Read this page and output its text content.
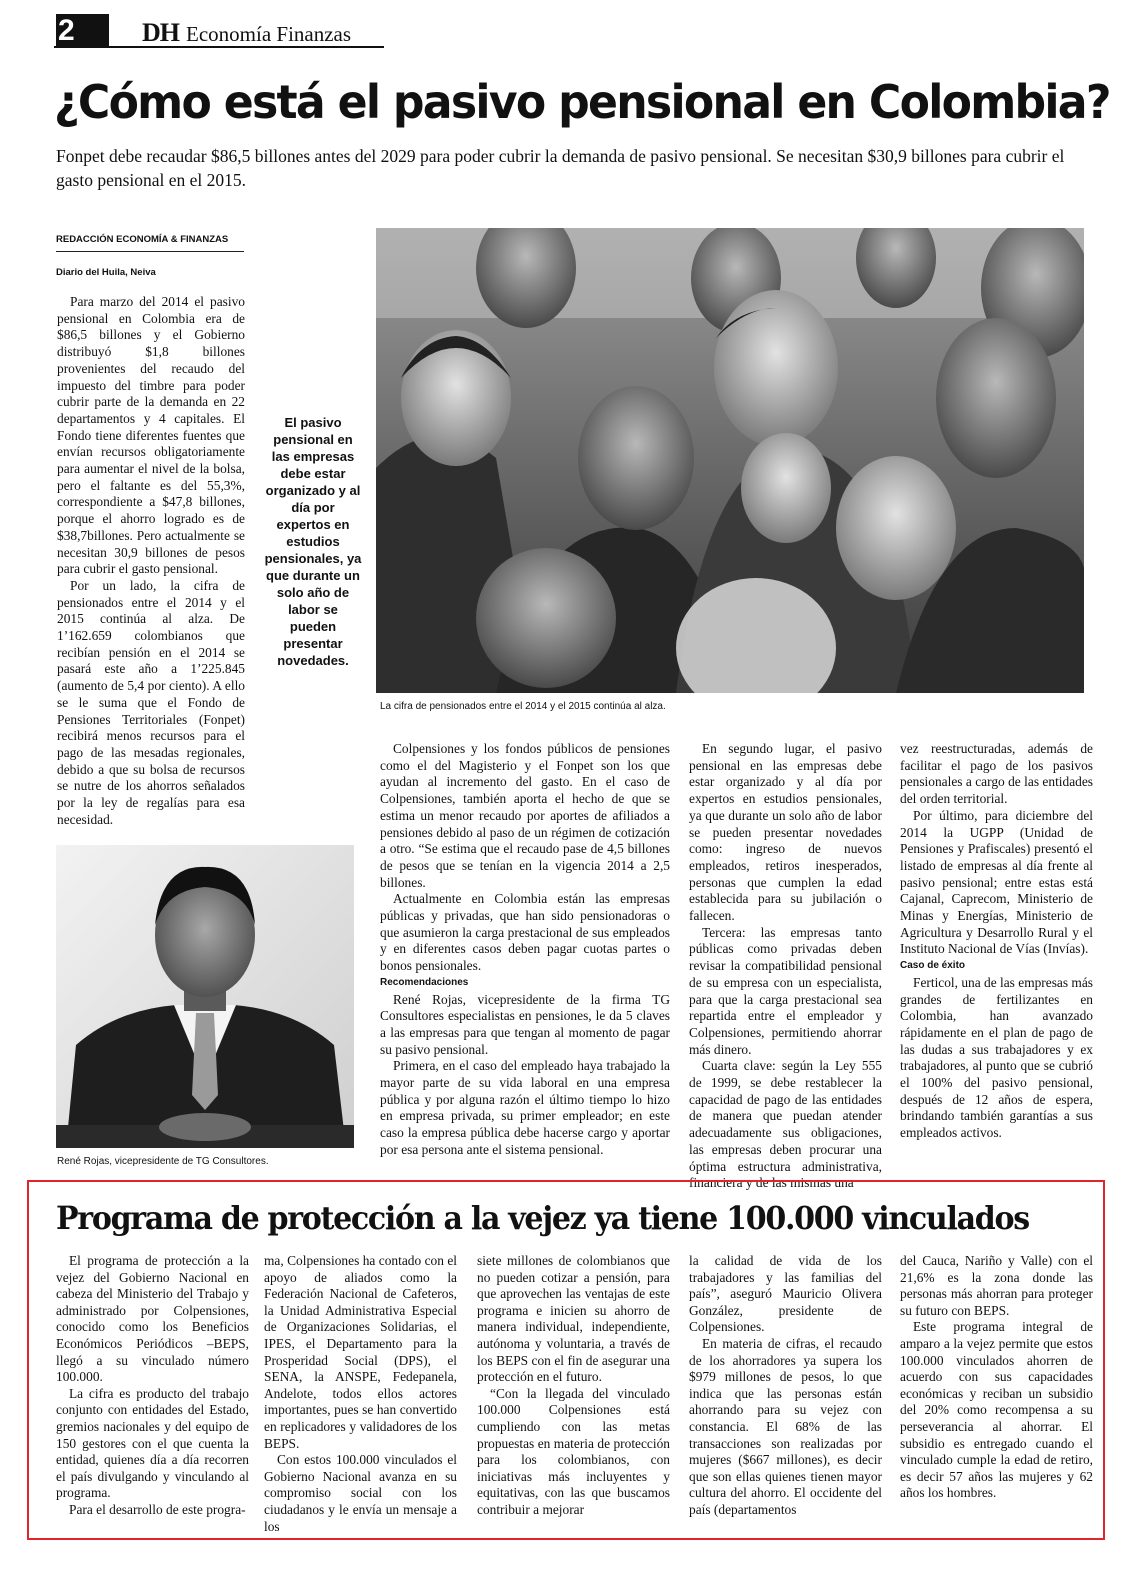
2	DH Economía Finanzas
¿Cómo está el pasivo pensional en Colombia?
Fonpet debe recaudar $86,5 billones antes del 2029 para poder cubrir la demanda de pasivo pensional. Se necesitan $30,9 billones para cubrir el gasto pensional en el 2015.
REDACCIÓN ECONOMÍA & FINANZAS
Diario del Huila, Neiva

Para marzo del 2014 el pasivo pensional en Colombia era de $86,5 billones y el Gobierno distribuyó $1,8 billones provenientes del recaudo del impuesto del timbre para poder cubrir parte de la demanda en 22 departamentos y 4 capitales. El Fondo tiene diferentes fuentes que envían recursos obligatoriamente para aumentar el nivel de la bolsa, pero el faltante es del 55,3%, correspondiente a $47,8 billones, porque el ahorro logrado es de $38,7billones. Pero actualmente se necesitan 30,9 billones de pesos para cubrir el gasto pensional.

Por un lado, la cifra de pensionados entre el 2014 y el 2015 continúa al alza. De 1’162.659 colombianos que recibían pensión en el 2014 se pasará este año a 1’225.845 (aumento de 5,4 por ciento). A ello se le suma que el Fondo de Pensiones Territoriales (Fonpet) recibirá menos recursos para el pago de las mesadas regionales, debido a que su bolsa de recursos se nutre de los ahorros señalados por la ley de regalías para esa necesidad.

El pasivo pensional en las empresas debe estar organizado y al día por expertos en estudios pensionales, ya que durante un solo año de labor se pueden presentar novedades.
La cifra de pensionados entre el 2014 y el 2015 continúa al alza.
René Rojas, vicepresidente de TG Consultores.

Colpensiones y los fondos públicos de pensiones como el del Magisterio y el Fonpet son los que ayudan al incremento del gasto. En el caso de Colpensiones, también aporta el hecho de que se estima un menor recaudo por aportes de afiliados a pensiones debido al paso de un régimen de cotización a otro. “Se estima que el recaudo pase de 4,5 billones de pesos que se tenían en la vigencia 2014 a 2,5 billones.

Actualmente en Colombia están las empresas públicas y privadas, que han sido pensionadoras o que asumieron la carga prestacional de sus empleados y en diferentes casos deben pagar cuotas partes o bonos pensionales.

Recomendaciones

René Rojas, vicepresidente de la firma TG Consultores especialistas en pensiones, le da 5 claves a las empresas para que tengan al momento de pagar su pasivo pensional.

Primera, en el caso del empleado haya trabajado la mayor parte de su vida laboral en una empresa pública y por alguna razón el último tiempo lo hizo en empresa privada, su primer empleador; en este caso la empresa pública debe hacerse cargo y aportar por esa persona ante el sistema pensional.

En segundo lugar, el pasivo pensional en las empresas debe estar organizado y al día por expertos en estudios pensionales, ya que durante un solo año de labor se pueden presentar novedades como: ingreso de nuevos empleados, retiros inesperados, personas que cumplen la edad establecida para su jubilación o fallecen.

Tercera: las empresas tanto públicas como privadas deben revisar la compatibilidad pensional de su empresa con un especialista, para que la carga prestacional sea repartida entre el empleador y Colpensiones, permitiendo ahorrar más dinero.

Cuarta clave: según la Ley 555 de 1999, se debe restablecer la capacidad de pago de las entidades de manera que puedan atender adecuadamente sus obligaciones, las empresas deben procurar una óptima estructura administrativa, financiera y de las mismas una

vez reestructuradas, además de facilitar el pago de los pasivos pensionales a cargo de las entidades del orden territorial.

Por último, para diciembre del 2014 la UGPP (Unidad de Pensiones y Prafiscales) presentó el listado de empresas al día frente al pasivo pensional; entre estas está Cajanal, Caprecom, Ministerio de Minas y Energías, Ministerio de Agricultura y Desarrollo Rural y el Instituto Nacional de Vías (Invías).

Caso de éxito

Ferticol, una de las empresas más grandes de fertilizantes en Colombia, han avanzado rápidamente en el plan de pago de las dudas a sus trabajadores y ex trabajadores, al punto que se cubrió el 100% del pasivo pensional, después de 12 años de espera, brindando también garantías a sus empleados activos.

Programa de protección a la vejez ya tiene 100.000 vinculados

El programa de protección a la vejez del Gobierno Nacional en cabeza del Ministerio del Trabajo y administrado por Colpensiones, conocido como los Beneficios Económicos Periódicos –BEPS, llegó a su vinculado número 100.000.

La cifra es producto del trabajo conjunto con entidades del Estado, gremios nacionales y del equipo de 150 gestores con el que cuenta la entidad, quienes día a día recorren el país divulgando y vinculando al programa.

Para el desarrollo de este progra-

ma, Colpensiones ha contado con el apoyo de aliados como la Federación Nacional de Cafeteros, la Unidad Administrativa Especial de Organizaciones Solidarias, el IPES, el Departamento para la Prosperidad Social (DPS), el SENA, la ANSPE, Fedepanela, Andelote, todos ellos actores importantes, pues se han convertido en replicadores y validadores de los BEPS.

Con estos 100.000 vinculados el Gobierno Nacional avanza en su compromiso social con los ciudadanos y le envía un mensaje a los

siete millones de colombianos que no pueden cotizar a pensión, para que aprovechen las ventajas de este programa e inicien su ahorro de manera individual, independiente, autónoma y voluntaria, a través de los BEPS con el fin de asegurar una protección en el futuro.

“Con la llegada del vinculado 100.000 Colpensiones está cumpliendo con las metas propuestas en materia de protección para los colombianos, con iniciativas más incluyentes y equitativas, con las que buscamos contribuir a mejorar

la calidad de vida de los trabajadores y las familias del país”, aseguró Mauricio Olivera González, presidente de Colpensiones.

En materia de cifras, el recaudo de los ahorradores ya supera los $979 millones de pesos, lo que indica que las personas están ahorrando para su vejez con constancia. El 68% de las transacciones son realizadas por mujeres ($667 millones), es decir que son ellas quienes tienen mayor cultura del ahorro. El occidente del país (departamentos

del Cauca, Nariño y Valle) con el 21,6% es la zona donde las personas más ahorran para proteger su futuro con BEPS.

Este programa integral de amparo a la vejez permite que estos 100.000 vinculados ahorren de acuerdo con sus capacidades económicas y reciban un subsidio del 20% como recompensa a su perseverancia al ahorrar. El subsidio es entregado cuando el vinculado cumple la edad de retiro, es decir 57 años las mujeres y 62 años los hombres.
